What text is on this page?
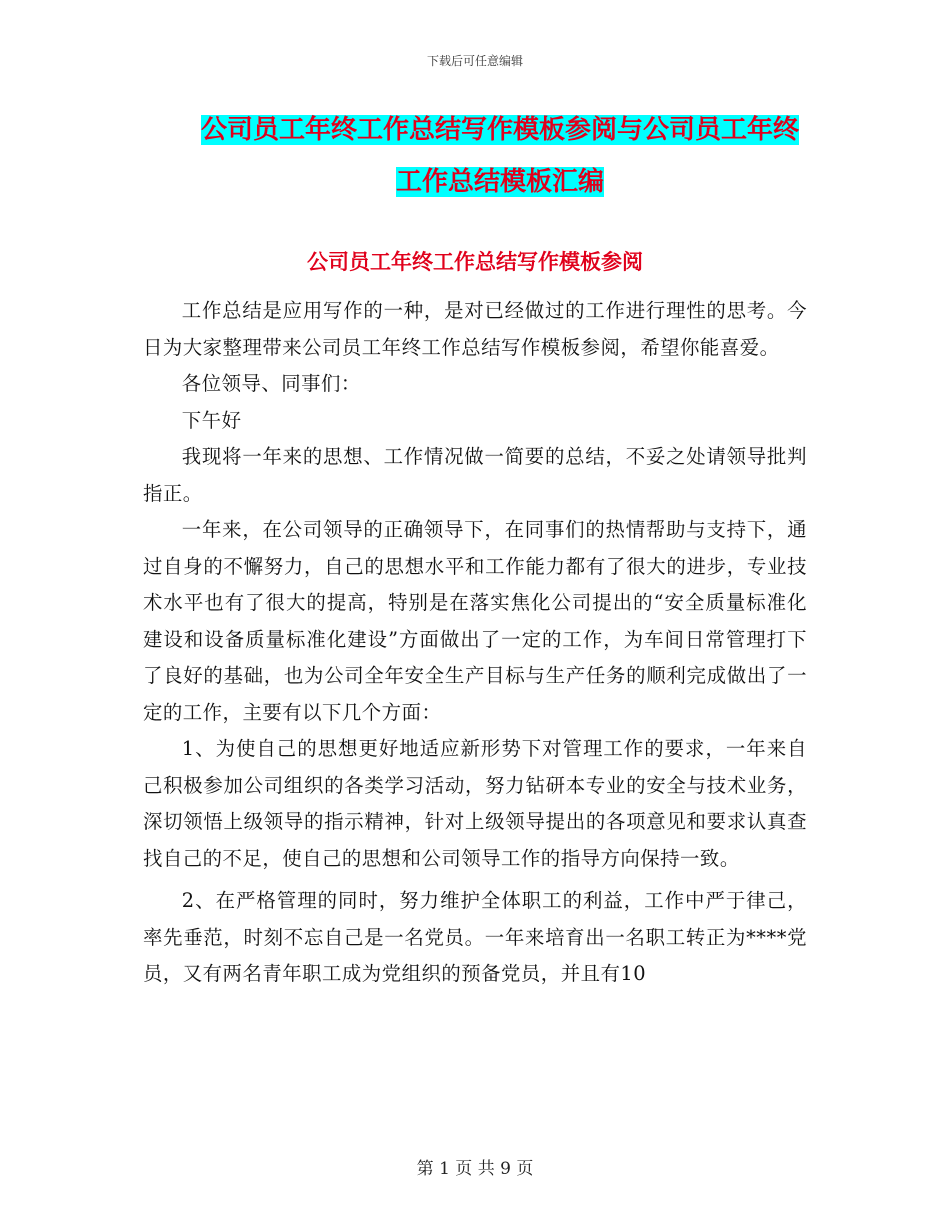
下载后可任意编辑
公司员工年终工作总结写作模板参阅与公司员工年终
工作总结模板汇编
公司员工年终工作总结写作模板参阅

工作总结是应用写作的一种，是对已经做过的工作进行理性的思考。今日为大家整理带来公司员工年终工作总结写作模板参阅，希望你能喜爱。

各位领导、同事们：

下午好

我现将一年来的思想、工作情况做一简要的总结，不妥之处请领导批判指正。

一年来，在公司领导的正确领导下，在同事们的热情帮助与支持下，通过自身的不懈努力，自己的思想水平和工作能力都有了很大的进步，专业技术水平也有了很大的提高，特别是在落实焦化公司提出的“安全质量标准化建设和设备质量标准化建设”方面做出了一定的工作，为车间日常管理打下了良好的基础，也为公司全年安全生产目标与生产任务的顺利完成做出了一定的工作，主要有以下几个方面：

1、为使自己的思想更好地适应新形势下对管理工作的要求，一年来自己积极参加公司组织的各类学习活动，努力钻研本专业的安全与技术业务，深切领悟上级领导的指示精神，针对上级领导提出的各项意见和要求认真查找自己的不足，使自己的思想和公司领导工作的指导方向保持一致。

2、在严格管理的同时，努力维护全体职工的利益，工作中严于律己，率先垂范，时刻不忘自己是一名党员。一年来培育出一名职工转正为****党员，又有两名青年职工成为党组织的预备党员，并且有10

第 1 页 共 9 页
